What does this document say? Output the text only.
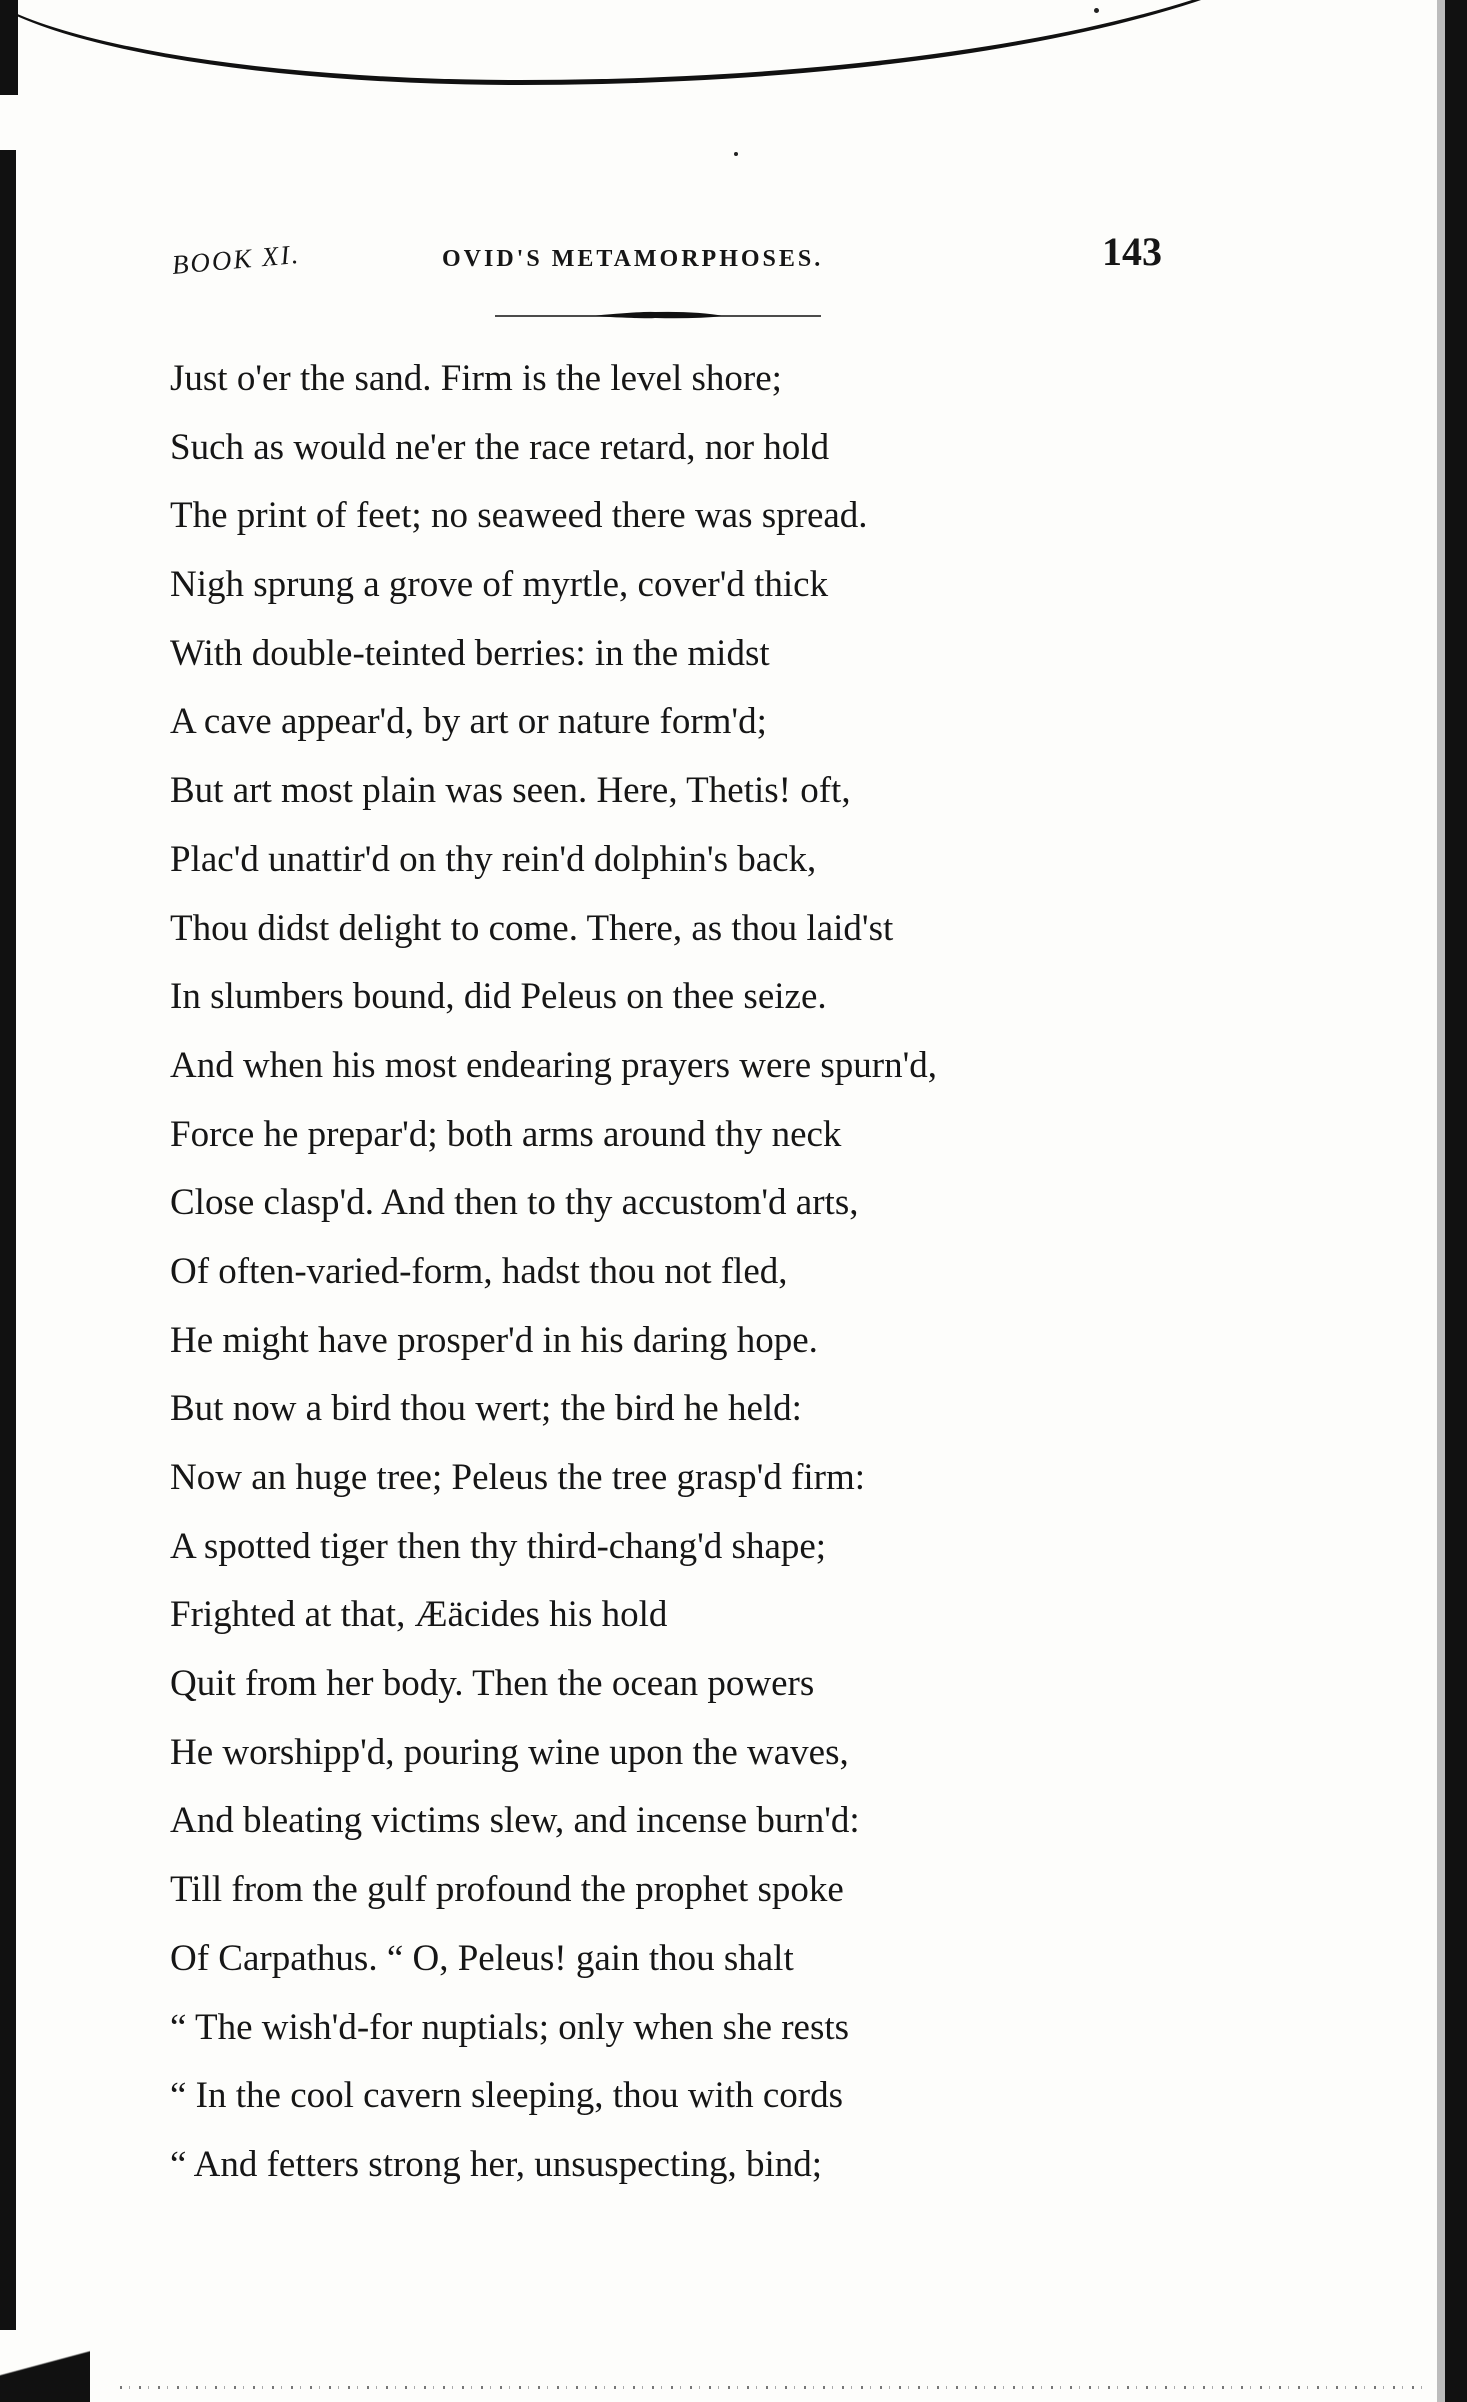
BOOK XI.	OVID'S METAMORPHOSES.	143
Just o'er the sand. Firm is the level shore;
Such as would ne'er the race retard, nor hold
The print of feet; no seaweed there was spread.
Nigh sprung a grove of myrtle, cover'd thick
With double-teinted berries: in the midst
A cave appear'd, by art or nature form'd;
But art most plain was seen. Here, Thetis! oft,
Plac'd unattir'd on thy rein'd dolphin's back,
Thou didst delight to come. There, as thou laid'st
In slumbers bound, did Peleus on thee seize.
And when his most endearing prayers were spurn'd,
Force he prepar'd; both arms around thy neck
Close clasp'd. And then to thy accustom'd arts,
Of often-varied-form, hadst thou not fled,
He might have prosper'd in his daring hope.
But now a bird thou wert; the bird he held:
Now an huge tree; Peleus the tree grasp'd firm:
A spotted tiger then thy third-chang'd shape;
Frighted at that, Æäcides his hold
Quit from her body. Then the ocean powers
He worshipp'd, pouring wine upon the waves,
And bleating victims slew, and incense burn'd:
Till from the gulf profound the prophet spoke
Of Carpathus. “ O, Peleus! gain thou shalt
“ The wish'd-for nuptials; only when she rests
“ In the cool cavern sleeping, thou with cords
“ And fetters strong her, unsuspecting, bind;
